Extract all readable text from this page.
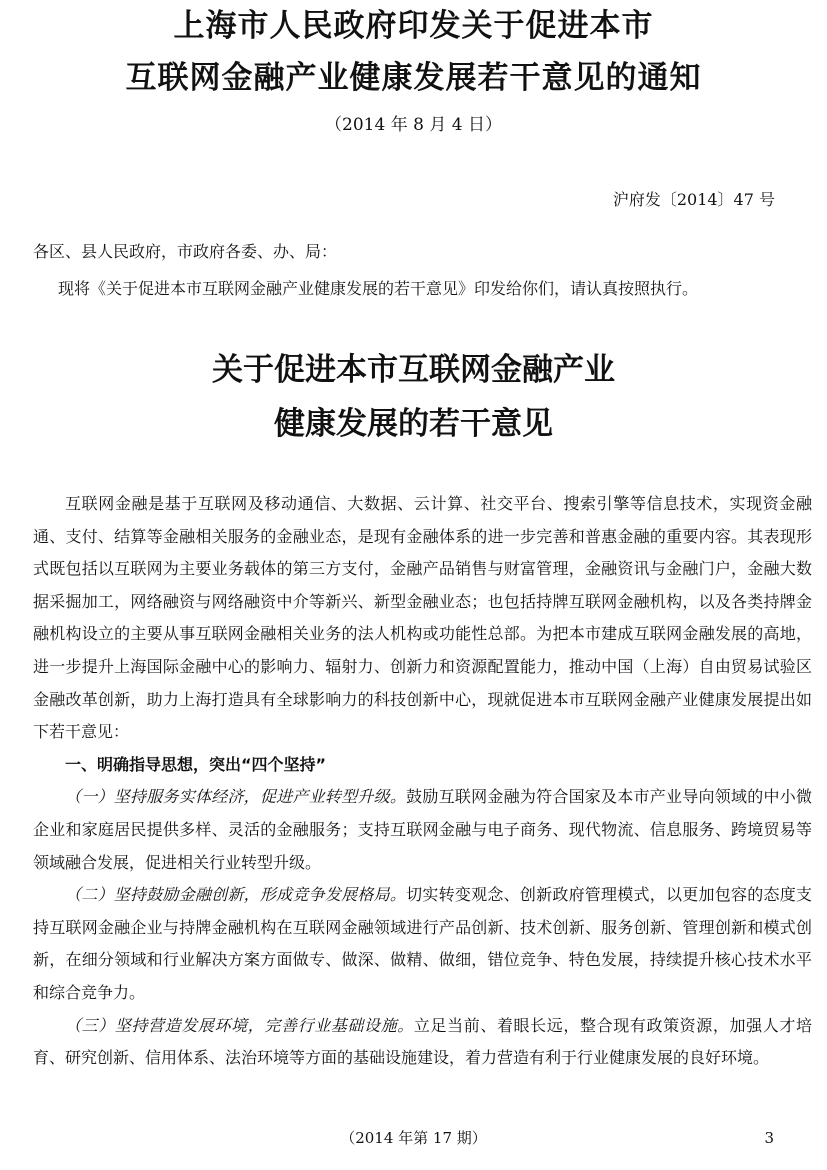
上海市人民政府印发关于促进本市
互联网金融产业健康发展若干意见的通知
（2014 年 8 月 4 日）
沪府发〔2014〕47 号
各区、县人民政府，市政府各委、办、局：
现将《关于促进本市互联网金融产业健康发展的若干意见》印发给你们，请认真按照执行。
关于促进本市互联网金融产业
健康发展的若干意见

互联网金融是基于互联网及移动通信、大数据、云计算、社交平台、搜索引擎等信息技术，实现资金融通、支付、结算等金融相关服务的金融业态，是现有金融体系的进一步完善和普惠金融的重要内容。其表现形式既包括以互联网为主要业务载体的第三方支付，金融产品销售与财富管理，金融资讯与金融门户，金融大数据采掘加工，网络融资与网络融资中介等新兴、新型金融业态；也包括持牌互联网金融机构，以及各类持牌金融机构设立的主要从事互联网金融相关业务的法人机构或功能性总部。为把本市建成互联网金融发展的高地，进一步提升上海国际金融中心的影响力、辐射力、创新力和资源配置能力，推动中国（上海）自由贸易试验区金融改革创新，助力上海打造具有全球影响力的科技创新中心，现就促进本市互联网金融产业健康发展提出如下若干意见：

一、明确指导思想，突出“四个坚持”

（一）坚持服务实体经济，促进产业转型升级。鼓励互联网金融为符合国家及本市产业导向领域的中小微企业和家庭居民提供多样、灵活的金融服务；支持互联网金融与电子商务、现代物流、信息服务、跨境贸易等领域融合发展，促进相关行业转型升级。

（二）坚持鼓励金融创新，形成竞争发展格局。切实转变观念、创新政府管理模式，以更加包容的态度支持互联网金融企业与持牌金融机构在互联网金融领域进行产品创新、技术创新、服务创新、管理创新和模式创新，在细分领域和行业解决方案方面做专、做深、做精、做细，错位竞争、特色发展，持续提升核心技术水平和综合竞争力。

（三）坚持营造发展环境，完善行业基础设施。立足当前、着眼长远，整合现有政策资源，加强人才培育、研究创新、信用体系、法治环境等方面的基础设施建设，着力营造有利于行业健康发展的良好环境。

（2014 年第 17 期）	3
